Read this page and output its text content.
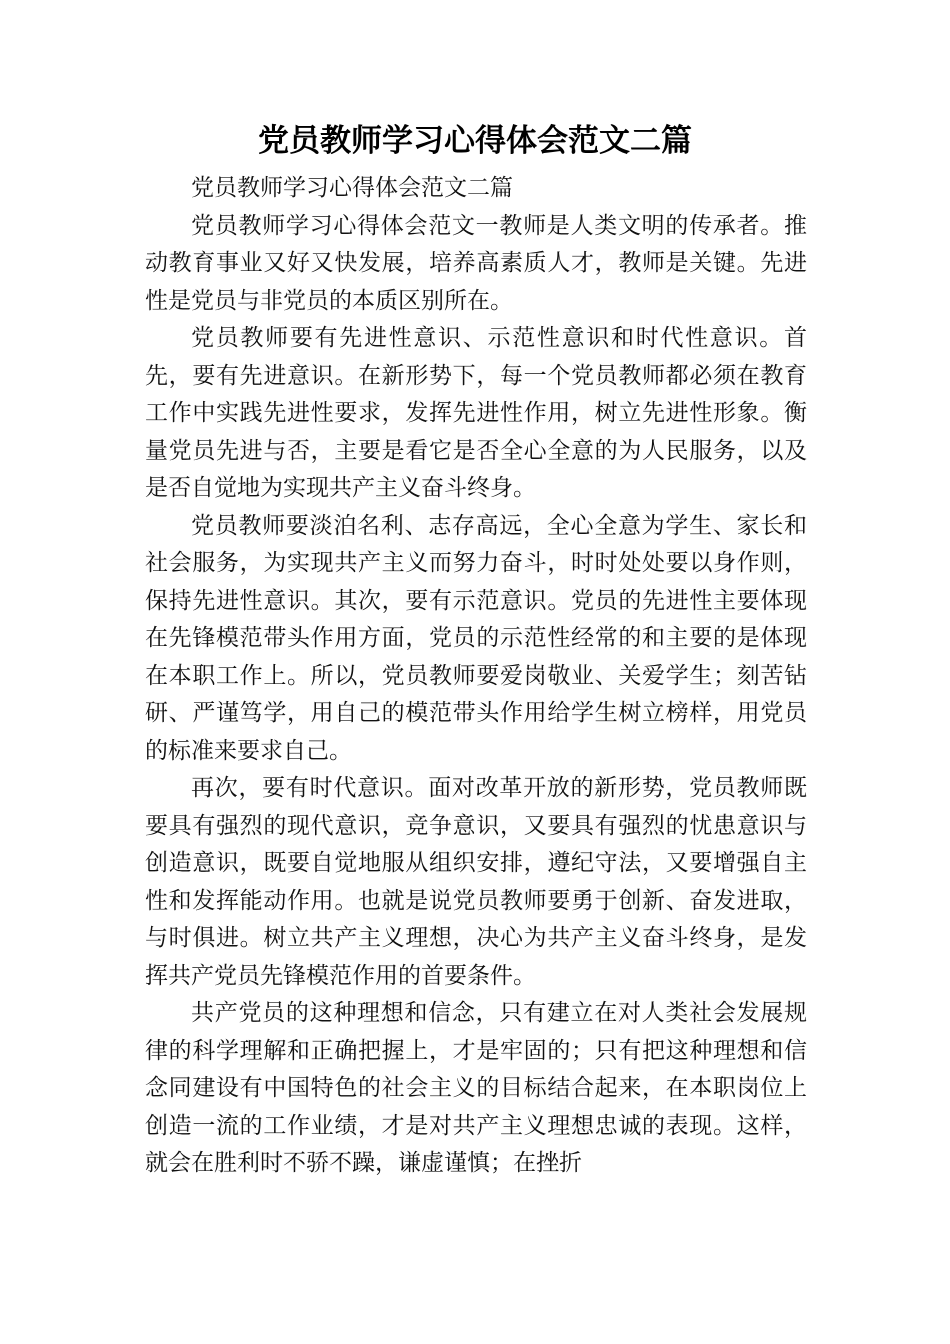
党员教师学习心得体会范文二篇

党员教师学习心得体会范文二篇

党员教师学习心得体会范文一教师是人类文明的传承者。推动教育事业又好又快发展，培养高素质人才，教师是关键。先进性是党员与非党员的本质区别所在。

党员教师要有先进性意识、示范性意识和时代性意识。首先，要有先进意识。在新形势下，每一个党员教师都必须在教育工作中实践先进性要求，发挥先进性作用，树立先进性形象。衡量党员先进与否，主要是看它是否全心全意的为人民服务，以及是否自觉地为实现共产主义奋斗终身。

党员教师要淡泊名利、志存高远，全心全意为学生、家长和社会服务，为实现共产主义而努力奋斗，时时处处要以身作则，保持先进性意识。其次，要有示范意识。党员的先进性主要体现在先锋模范带头作用方面，党员的示范性经常的和主要的是体现在本职工作上。所以，党员教师要爱岗敬业、关爱学生；刻苦钻研、严谨笃学，用自己的模范带头作用给学生树立榜样，用党员的标准来要求自己。

再次，要有时代意识。面对改革开放的新形势，党员教师既要具有强烈的现代意识，竞争意识，又要具有强烈的忧患意识与创造意识，既要自觉地服从组织安排，遵纪守法，又要增强自主性和发挥能动作用。也就是说党员教师要勇于创新、奋发进取，与时俱进。树立共产主义理想，决心为共产主义奋斗终身，是发挥共产党员先锋模范作用的首要条件。

共产党员的这种理想和信念，只有建立在对人类社会发展规律的科学理解和正确把握上，才是牢固的；只有把这种理想和信念同建设有中国特色的社会主义的目标结合起来，在本职岗位上创造一流的工作业绩，才是对共产主义理想忠诚的表现。这样，就会在胜利时不骄不躁，谦虚谨慎；在挫折
